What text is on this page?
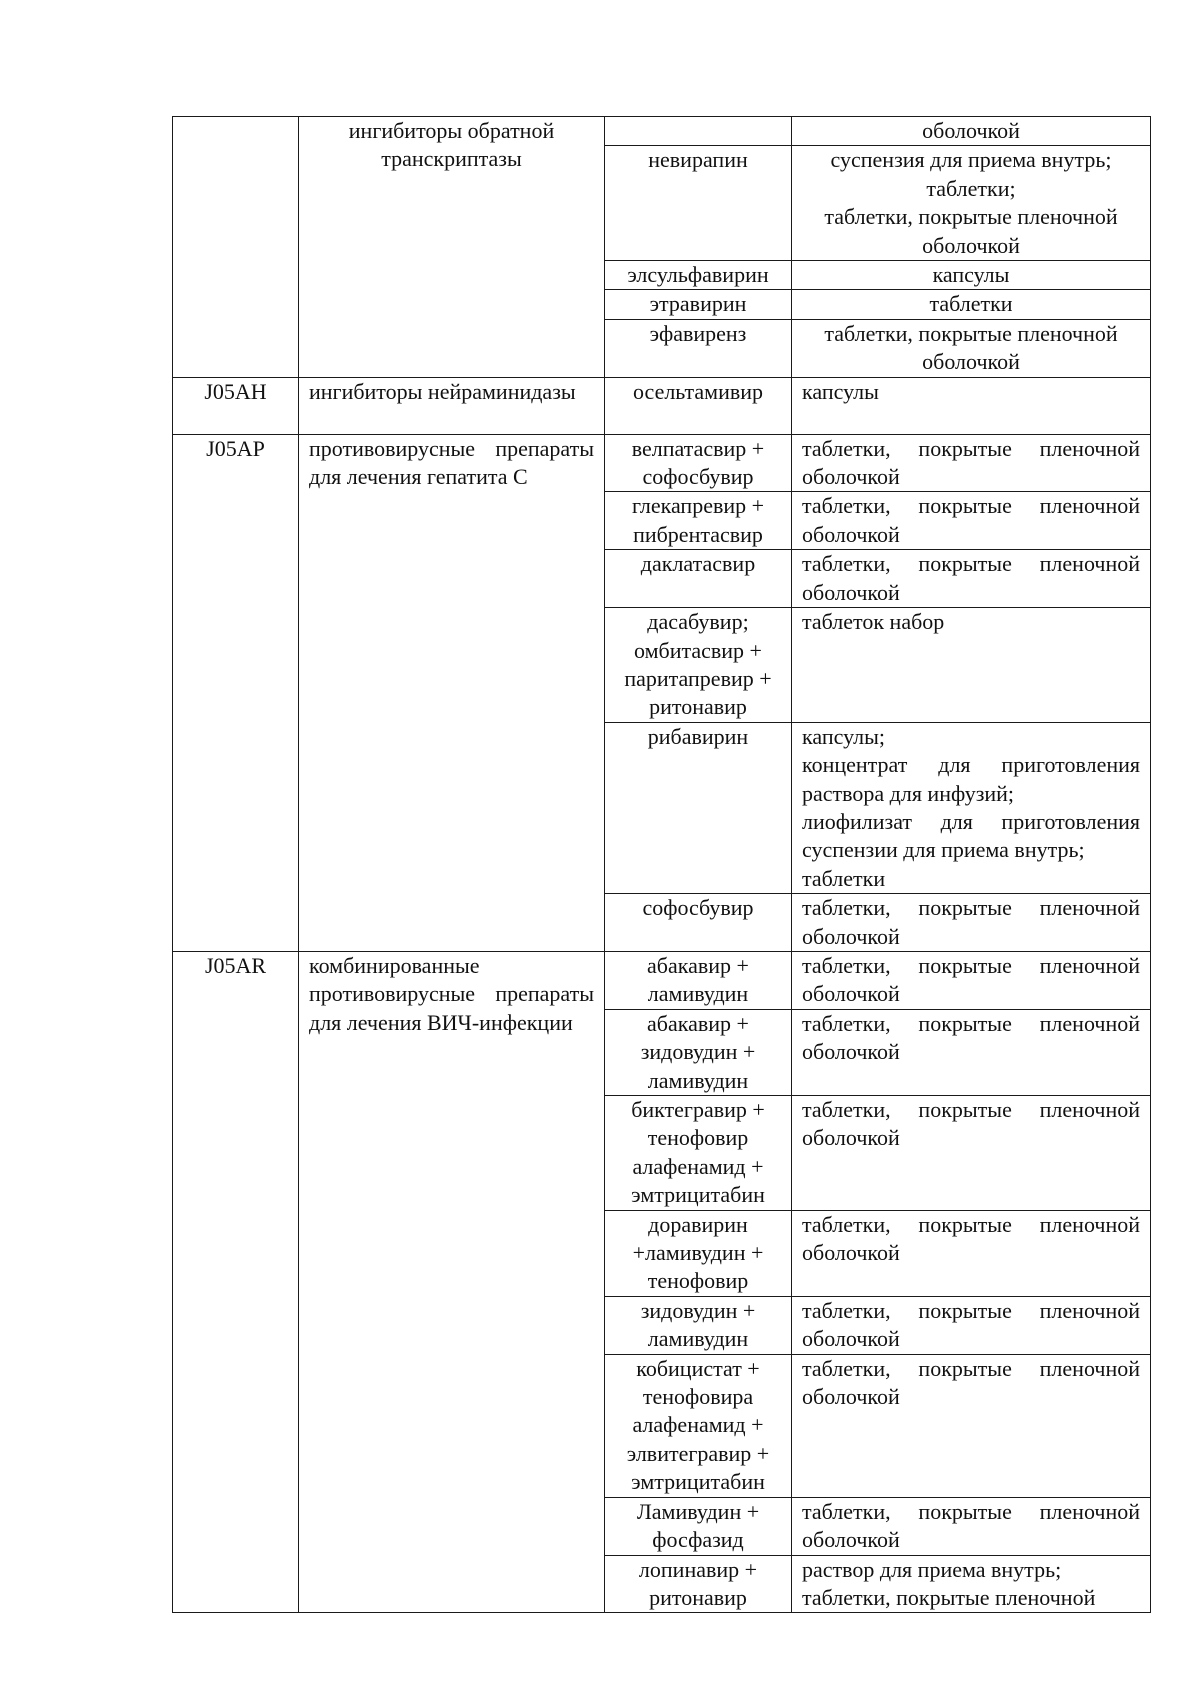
	ингибиторы обратной транскриптазы		оболочкой

		невирапин	суспензия для приема внутрь;
таблетки;
таблетки, покрытые пленочной оболочкой

		элсульфавирин	капсулы

		этравирин	таблетки

		эфавиренз	таблетки, покрытые пленочной оболочкой

J05AH	ингибиторы нейраминидазы	осельтамивир	капсулы

J05AP	противовирусные препараты для лечения гепатита C	велпатасвир + софосбувир	таблетки, покрытые пленочной оболочкой

		глекапревир + пибрентасвир	таблетки, покрытые пленочной оболочкой

		даклатасвир	таблетки, покрытые пленочной оболочкой

		дасабувир; омбитасвир + паритапревир + ритонавир	таблеток набор

		рибавирин	капсулы;
концентрат для приготовления раствора для инфузий;
лиофилизат для приготовления суспензии для приема внутрь;
таблетки

		софосбувир	таблетки, покрытые пленочной оболочкой

J05AR	комбинированные противовирусные препараты для лечения ВИЧ-инфекции	абакавир + ламивудин	таблетки, покрытые пленочной оболочкой

		абакавир + зидовудин + ламивудин	таблетки, покрытые пленочной оболочкой

		биктегравир + тенофовир алафенамид + эмтрицитабин	таблетки, покрытые пленочной оболочкой

		доравирин +ламивудин + тенофовир	таблетки, покрытые пленочной оболочкой

		зидовудин + ламивудин	таблетки, покрытые пленочной оболочкой

		кобицистат + тенофовира алафенамид + элвитегравир + эмтрицитабин	таблетки, покрытые пленочной оболочкой

		Ламивудин + фосфазид	таблетки, покрытые пленочной оболочкой

		лопинавир + ритонавир	раствор для приема внутрь;
таблетки, покрытые пленочной
